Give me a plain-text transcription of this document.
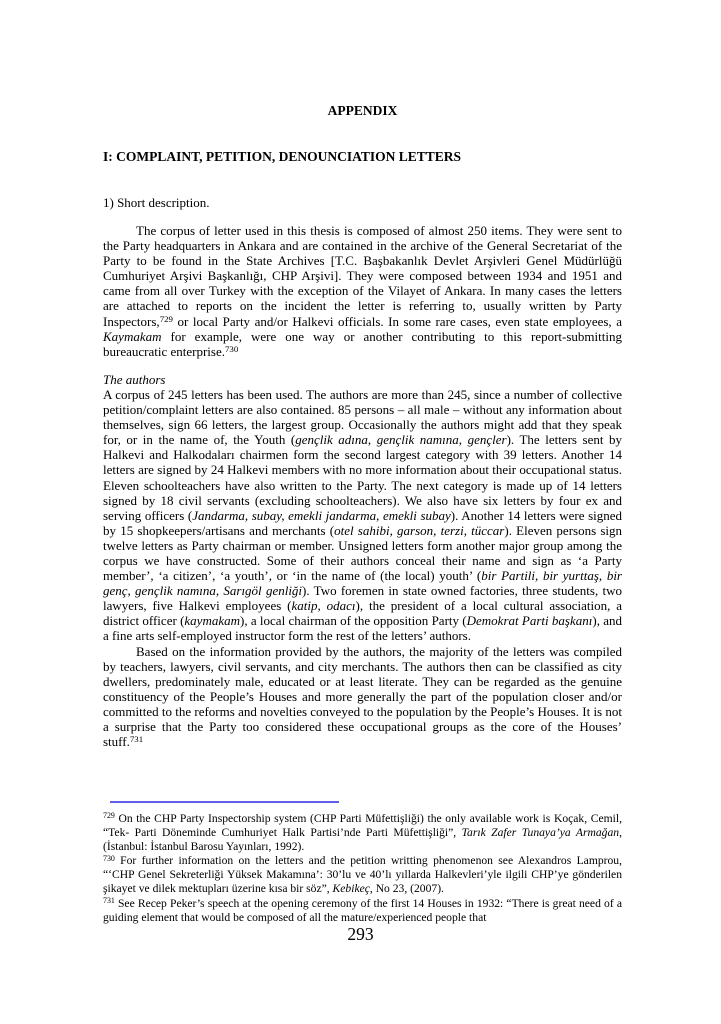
APPENDIX
I: COMPLAINT, PETITION, DENOUNCIATION LETTERS
1) Short description.

The corpus of letter used in this thesis is composed of almost 250 items. They were sent to the Party headquarters in Ankara and are contained in the archive of the General Secretariat of the Party to be found in the State Archives [T.C. Başbakanlık Devlet Arşivleri Genel Müdürlüğü Cumhuriyet Arşivi Başkanlığı, CHP Arşivi]. They were composed between 1934 and 1951 and came from all over Turkey with the exception of the Vilayet of Ankara. In many cases the letters are attached to reports on the incident the letter is referring to, usually written by Party Inspectors,$^{729}$ or local Party and/or Halkevi officials. In some rare cases, even state employees, a Kaymakam for example, were one way or another contributing to this report-submitting bureaucratic enterprise.$^{730}$

The authors

A corpus of 245 letters has been used. The authors are more than 245, since a number of collective petition/complaint letters are also contained. 85 persons – all male – without any information about themselves, sign 66 letters, the largest group. Occasionally the authors might add that they speak for, or in the name of, the Youth (gençlik adına, gençlik namına, gençler). The letters sent by Halkevi and Halkodaları chairmen form the second largest category with 39 letters. Another 14 letters are signed by 24 Halkevi members with no more information about their occupational status. Eleven schoolteachers have also written to the Party. The next category is made up of 14 letters signed by 18 civil servants (excluding schoolteachers). We also have six letters by four ex and serving officers (Jandarma, subay, emekli jandarma, emekli subay). Another 14 letters were signed by 15 shopkeepers/artisans and merchants (otel sahibi, garson, terzi, tüccar). Eleven persons sign twelve letters as Party chairman or member. Unsigned letters form another major group among the corpus we have constructed. Some of their authors conceal their name and sign as ‘a Party member’, ‘a citizen’, ‘a youth’, or ‘in the name of (the local) youth’ (bir Partili, bir yurttaş, bir genç, gençlik namına, Sarıgöl genliği). Two foremen in state owned factories, three students, two lawyers, five Halkevi employees (katip, odacı), the president of a local cultural association, a district officer (kaymakam), a local chairman of the opposition Party (Demokrat Parti başkanı), and a fine arts self-employed instructor form the rest of the letters’ authors.

Based on the information provided by the authors, the majority of the letters was compiled by teachers, lawyers, civil servants, and city merchants. The authors then can be classified as city dwellers, predominately male, educated or at least literate. They can be regarded as the genuine constituency of the People’s Houses and more generally the part of the population closer and/or committed to the reforms and novelties conveyed to the population by the People’s Houses. It is not a surprise that the Party too considered these occupational groups as the core of the Houses’ stuff.$^{731}$

$^{729}$ On the CHP Party Inspectorship system (CHP Parti Müfettişliği) the only available work is Koçak, Cemil, “Tek- Parti Döneminde Cumhuriyet Halk Partisi’nde Parti Müfettişliği”, Tarık Zafer Tunaya’ya Armağan, (İstanbul: İstanbul Barosu Yayınları, 1992).

$^{730}$ For further information on the letters and the petition writting phenomenon see Alexandros Lamprou, “‘CHP Genel Sekreterliği Yüksek Makamına’: 30’lu ve 40’lı yıllarda Halkevleri’yle ilgili CHP’ye gönderilen şikayet ve dilek mektupları üzerine kısa bir söz”, Kebikeç, No 23, (2007).

$^{731}$ See Recep Peker’s speech at the opening ceremony of the first 14 Houses in 1932: “There is great need of a guiding element that would be composed of all the mature/experienced people that

293
